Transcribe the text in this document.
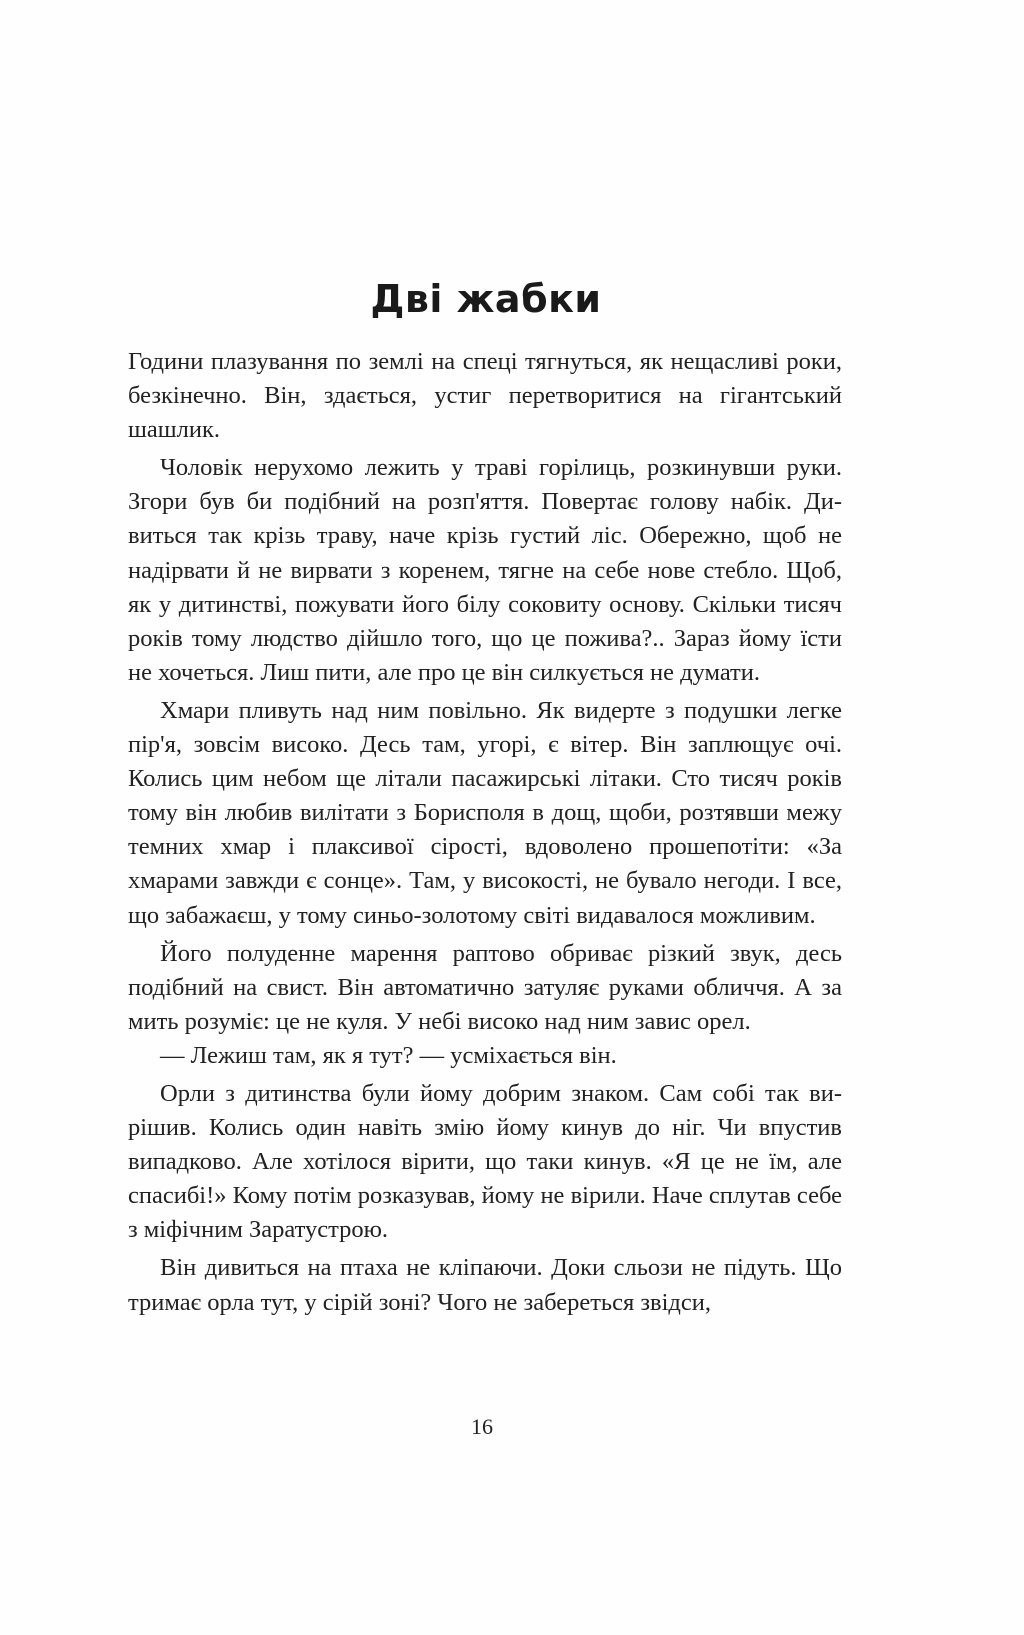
Дві жабки

Години плазування по землі на спеці тягнуться, як нещасливі роки, безкінечно. Він, здається, устиг перетворитися на гігантський шашлик.

Чоловік нерухомо лежить у траві горілиць, розкинувши руки. Згори був би подібний на розп'яття. Повертає голову набік. Дивиться так крізь траву, наче крізь густий ліс. Обережно, щоб не надірвати й не вирвати з коренем, тягне на себе нове стебло. Щоб, як у дитинстві, пожувати його білу соковиту основу. Скільки тисяч років тому людство дійшло того, що це пожива?.. Зараз йому їсти не хочеться. Лиш пити, але про це він силкується не думати.

Хмари пливуть над ним повільно. Як видерте з подушки легке пір'я, зовсім високо. Десь там, угорі, є вітер. Він заплющує очі. Колись цим небом ще літали пасажирські літаки. Сто тисяч років тому він любив вилітати з Борисполя в дощ, щоби, розтявши межу темних хмар і плаксивої сірості, вдоволено прошепотіти: «За хмарами завжди є сонце». Там, у високості, не бувало негоди. І все, що забажаєш, у тому синьо-золотому світі видавалося можливим.

Його полуденне марення раптово обриває різкий звук, десь подібний на свист. Він автоматично затуляє руками обличчя. А за мить розуміє: це не куля. У небі високо над ним завис орел.

— Лежиш там, як я тут? — усміхається він.

Орли з дитинства були йому добрим знаком. Сам собі так вирішив. Колись один навіть змію йому кинув до ніг. Чи впустив випадково. Але хотілося вірити, що таки кинув. «Я це не їм, але спасибі!» Кому потім розказував, йому не вірили. Наче сплутав себе з міфічним Заратустрою.

Він дивиться на птаха не кліпаючи. Доки сльози не підуть. Що тримає орла тут, у сірій зоні? Чого не забереться звідси,

16
